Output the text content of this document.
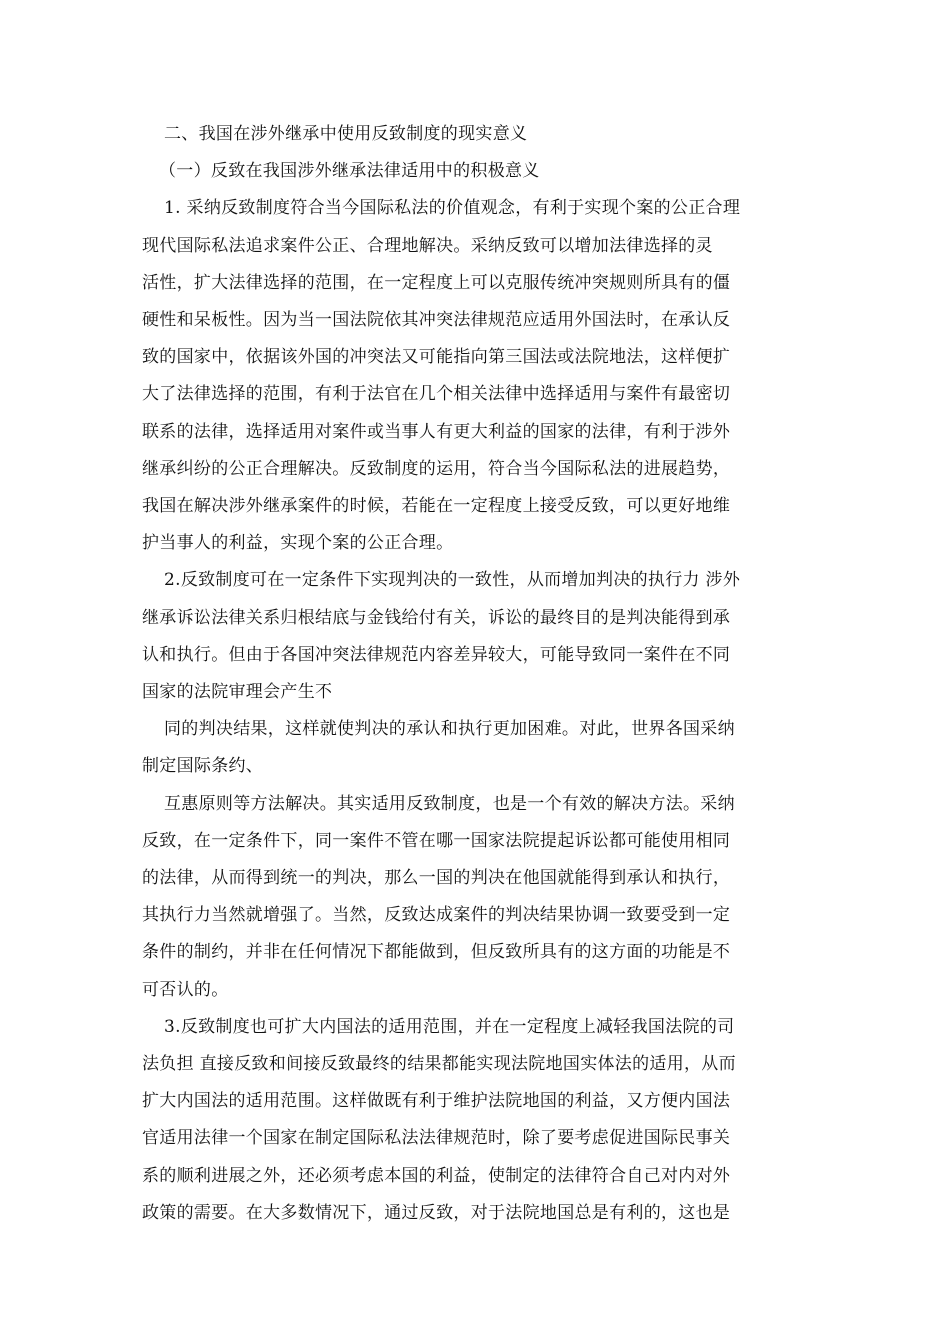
二、我国在涉外继承中使用反致制度的现实意义
（一）反致在我国涉外继承法律适用中的积极意义
1. 采纳反致制度符合当今国际私法的价值观念，有利于实现个案的公正合理
现代国际私法追求案件公正、合理地解决。采纳反致可以增加法律选择的灵
活性，扩大法律选择的范围，在一定程度上可以克服传统冲突规则所具有的僵
硬性和呆板性。因为当一国法院依其冲突法律规范应适用外国法时，在承认反
致的国家中，依据该外国的冲突法又可能指向第三国法或法院地法，这样便扩
大了法律选择的范围，有利于法官在几个相关法律中选择适用与案件有最密切
联系的法律，选择适用对案件或当事人有更大利益的国家的法律，有利于涉外
继承纠纷的公正合理解决。反致制度的运用，符合当今国际私法的进展趋势，
我国在解决涉外继承案件的时候，若能在一定程度上接受反致，可以更好地维
护当事人的利益，实现个案的公正合理。
2.反致制度可在一定条件下实现判决的一致性，从而增加判决的执行力 涉外
继承诉讼法律关系归根结底与金钱给付有关，诉讼的最终目的是判决能得到承
认和执行。但由于各国冲突法律规范内容差异较大，可能导致同一案件在不同
国家的法院审理会产生不
同的判决结果，这样就使判决的承认和执行更加困难。对此，世界各国采纳
制定国际条约、
互惠原则等方法解决。其实适用反致制度，也是一个有效的解决方法。采纳
反致，在一定条件下，同一案件不管在哪一国家法院提起诉讼都可能使用相同
的法律，从而得到统一的判决，那么一国的判决在他国就能得到承认和执行，
其执行力当然就增强了。当然，反致达成案件的判决结果协调一致要受到一定
条件的制约，并非在任何情况下都能做到，但反致所具有的这方面的功能是不
可否认的。
3.反致制度也可扩大内国法的适用范围，并在一定程度上减轻我国法院的司
法负担 直接反致和间接反致最终的结果都能实现法院地国实体法的适用，从而
扩大内国法的适用范围。这样做既有利于维护法院地国的利益，又方便内国法
官适用法律一个国家在制定国际私法法律规范时，除了要考虑促进国际民事关
系的顺利进展之外，还必须考虑本国的利益，使制定的法律符合自己对内对外
政策的需要。在大多数情况下，通过反致，对于法院地国总是有利的，这也是
